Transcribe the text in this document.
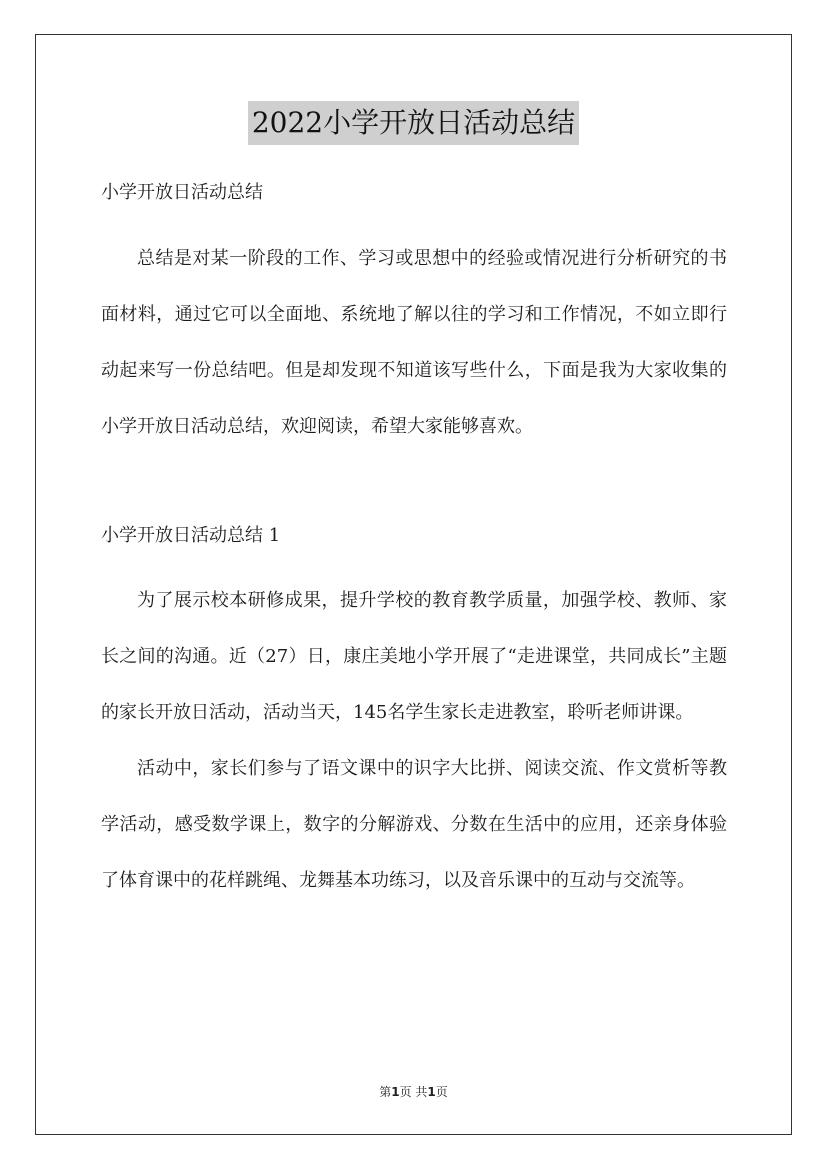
2022小学开放日活动总结

小学开放日活动总结

总结是对某一阶段的工作、学习或思想中的经验或情况进行分析研究的书面材料，通过它可以全面地、系统地了解以往的学习和工作情况，不如立即行动起来写一份总结吧。但是却发现不知道该写些什么，下面是我为大家收集的小学开放日活动总结，欢迎阅读，希望大家能够喜欢。

小学开放日活动总结 1

为了展示校本研修成果，提升学校的教育教学质量，加强学校、教师、家长之间的沟通。近（27）日，康庄美地小学开展了“走进课堂，共同成长”主题的家长开放日活动，活动当天，145名学生家长走进教室，聆听老师讲课。

活动中，家长们参与了语文课中的识字大比拼、阅读交流、作文赏析等教学活动，感受数学课上，数字的分解游戏、分数在生活中的应用，还亲身体验了体育课中的花样跳绳、龙舞基本功练习，以及音乐课中的互动与交流等。

第1页 共1页
